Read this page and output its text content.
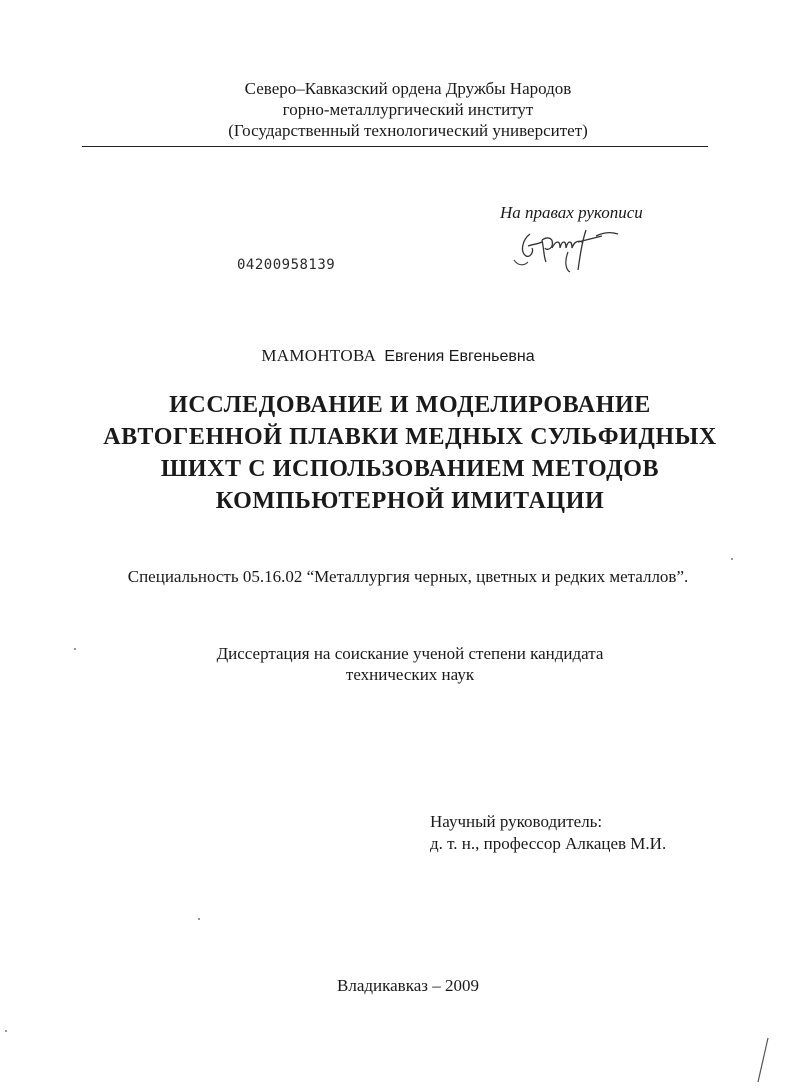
Северо–Кавказский ордена Дружбы Народов
горно-металлургический институт
(Государственный технологический университет)
На правах рукописи
04200958139
МАМОНТОВА Евгения Евгеньевна
ИССЛЕДОВАНИЕ И МОДЕЛИРОВАНИЕ
АВТОГЕННОЙ ПЛАВКИ МЕДНЫХ СУЛЬФИДНЫХ
ШИХТ С ИСПОЛЬЗОВАНИЕМ МЕТОДОВ
КОМПЬЮТЕРНОЙ ИМИТАЦИИ
Специальность 05.16.02 “Металлургия черных, цветных и редких металлов”.
Диссертация на соискание ученой степени кандидата
технических наук
Научный руководитель:
д. т. н., профессор Алкацев М.И.
Владикавказ – 2009
